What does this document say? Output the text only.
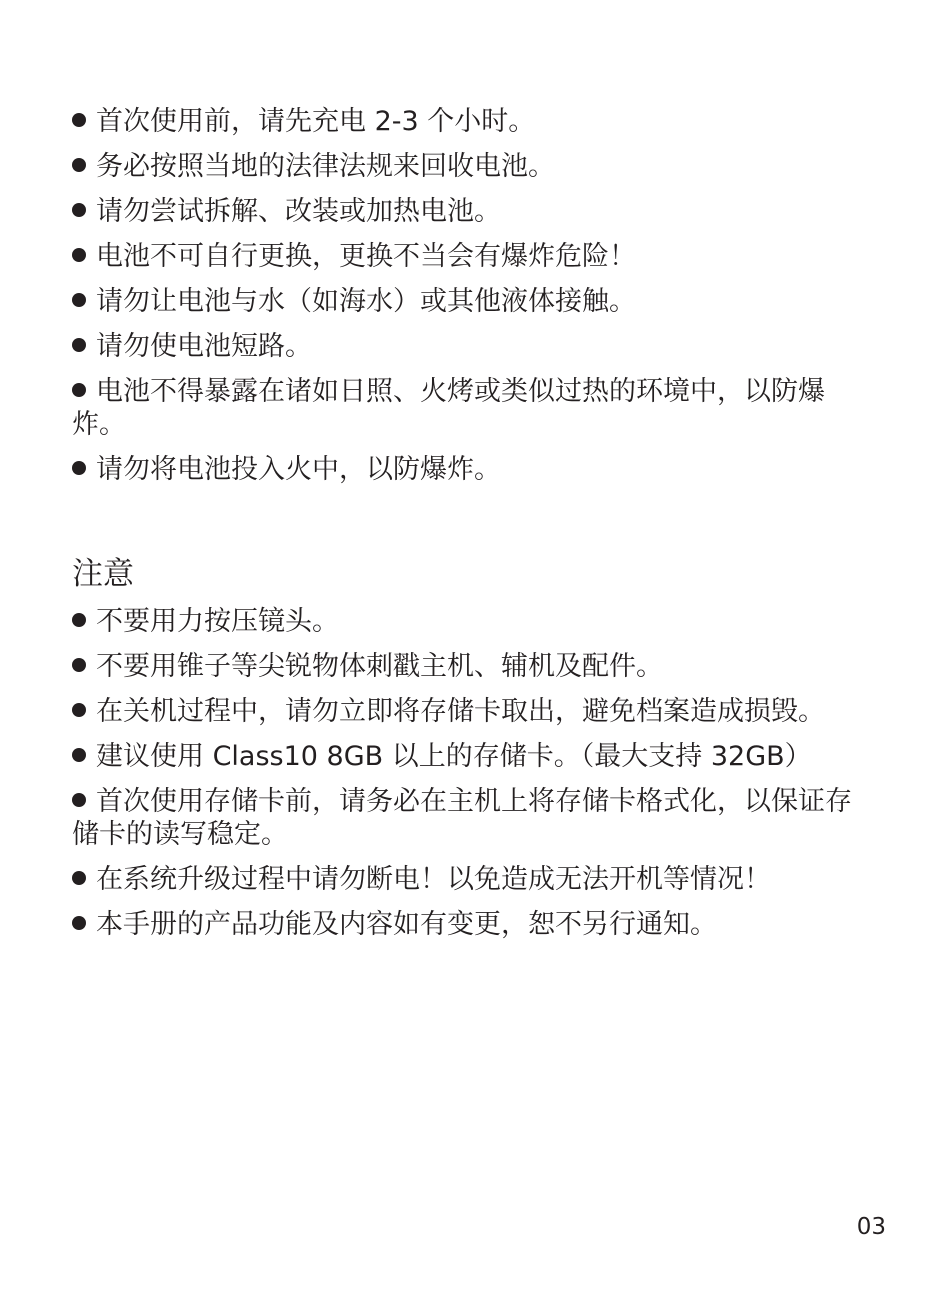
首次使用前，请先充电 2-3 个小时。
务必按照当地的法律法规来回收电池。
请勿尝试拆解、改装或加热电池。
电池不可自行更换，更换不当会有爆炸危险！
请勿让电池与水（如海水）或其他液体接触。
请勿使电池短路。
电池不得暴露在诸如日照、火烤或类似过热的环境中，以防爆炸。
请勿将电池投入火中，以防爆炸。
注意
不要用力按压镜头。
不要用锥子等尖锐物体刺戳主机、辅机及配件。
在关机过程中，请勿立即将存储卡取出，避免档案造成损毁。
建议使用 Class10 8GB 以上的存储卡。（最大支持 32GB）
首次使用存储卡前，请务必在主机上将存储卡格式化，以保证存储卡的读写稳定。
在系统升级过程中请勿断电！以免造成无法开机等情况！
本手册的产品功能及内容如有变更，恕不另行通知。
03
